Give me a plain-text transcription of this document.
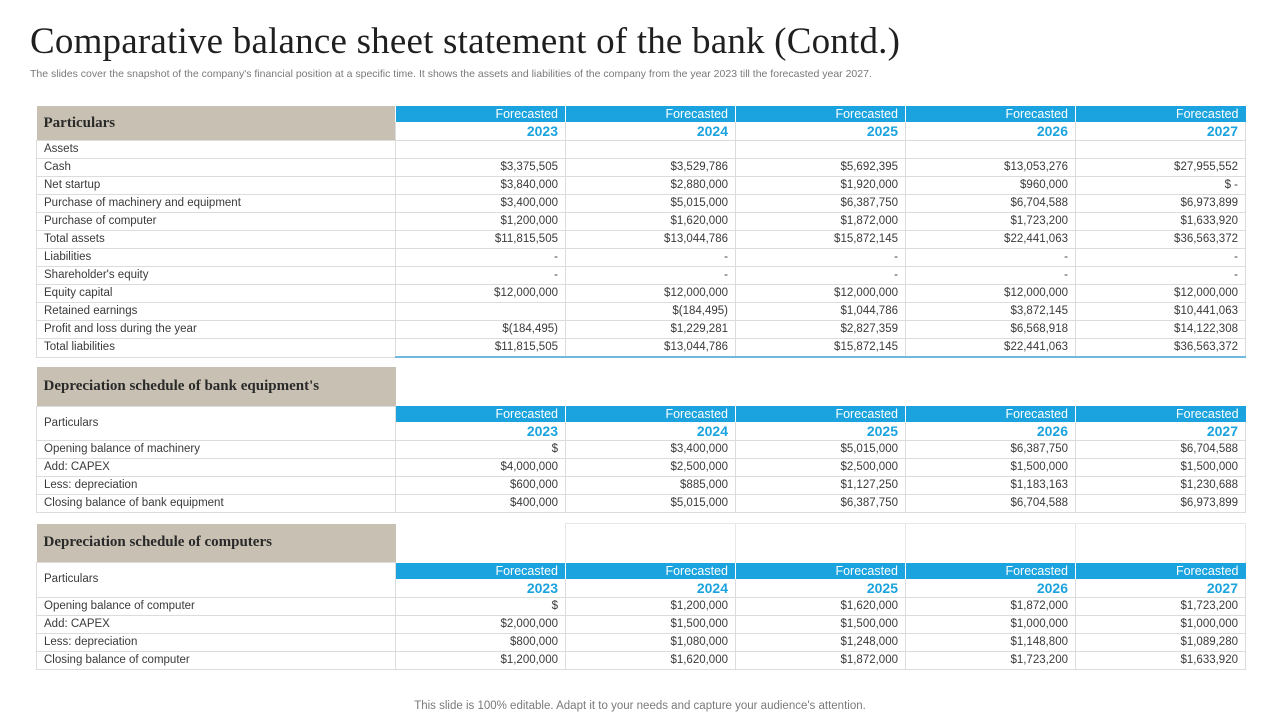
Comparative balance sheet statement of the bank (Contd.)
The slides cover the snapshot of the company's financial position at a specific time. It shows the assets and liabilities of the company from the year 2023 till the forecasted year 2027.
Particulars	Forecasted	Forecasted	Forecasted	Forecasted	Forecasted
	2023	2024	2025	2026	2027
Assets					
Cash	$3,375,505	$3,529,786	$5,692,395	$13,053,276	$27,955,552
Net startup	$3,840,000	$2,880,000	$1,920,000	$960,000	$ -
Purchase of machinery and equipment	$3,400,000	$5,015,000	$6,387,750	$6,704,588	$6,973,899
Purchase of computer	$1,200,000	$1,620,000	$1,872,000	$1,723,200	$1,633,920
Total assets	$11,815,505	$13,044,786	$15,872,145	$22,441,063	$36,563,372
Liabilities	-	-	-	-	-
Shareholder's equity	-	-	-	-	-
Equity capital	$12,000,000	$12,000,000	$12,000,000	$12,000,000	$12,000,000
Retained earnings		$(184,495)	$1,044,786	$3,872,145	$10,441,063
Profit and loss during the year	$(184,495)	$1,229,281	$2,827,359	$6,568,918	$14,122,308
Total liabilities	$11,815,505	$13,044,786	$15,872,145	$22,441,063	$36,563,372
Depreciation schedule of bank equipment's					
Particulars	Forecasted	Forecasted	Forecasted	Forecasted	Forecasted
	2023	2024	2025	2026	2027
Opening balance of machinery	$	$3,400,000	$5,015,000	$6,387,750	$6,704,588
Add: CAPEX	$4,000,000	$2,500,000	$2,500,000	$1,500,000	$1,500,000
Less: depreciation	$600,000	$885,000	$1,127,250	$1,183,163	$1,230,688
Closing balance of bank equipment	$400,000	$5,015,000	$6,387,750	$6,704,588	$6,973,899
Depreciation schedule of computers					
Particulars	Forecasted	Forecasted	Forecasted	Forecasted	Forecasted
	2023	2024	2025	2026	2027
Opening balance of computer	$	$1,200,000	$1,620,000	$1,872,000	$1,723,200
Add: CAPEX	$2,000,000	$1,500,000	$1,500,000	$1,000,000	$1,000,000
Less: depreciation	$800,000	$1,080,000	$1,248,000	$1,148,800	$1,089,280
Closing balance of computer	$1,200,000	$1,620,000	$1,872,000	$1,723,200	$1,633,920
This slide is 100% editable. Adapt it to your needs and capture your audience's attention.
